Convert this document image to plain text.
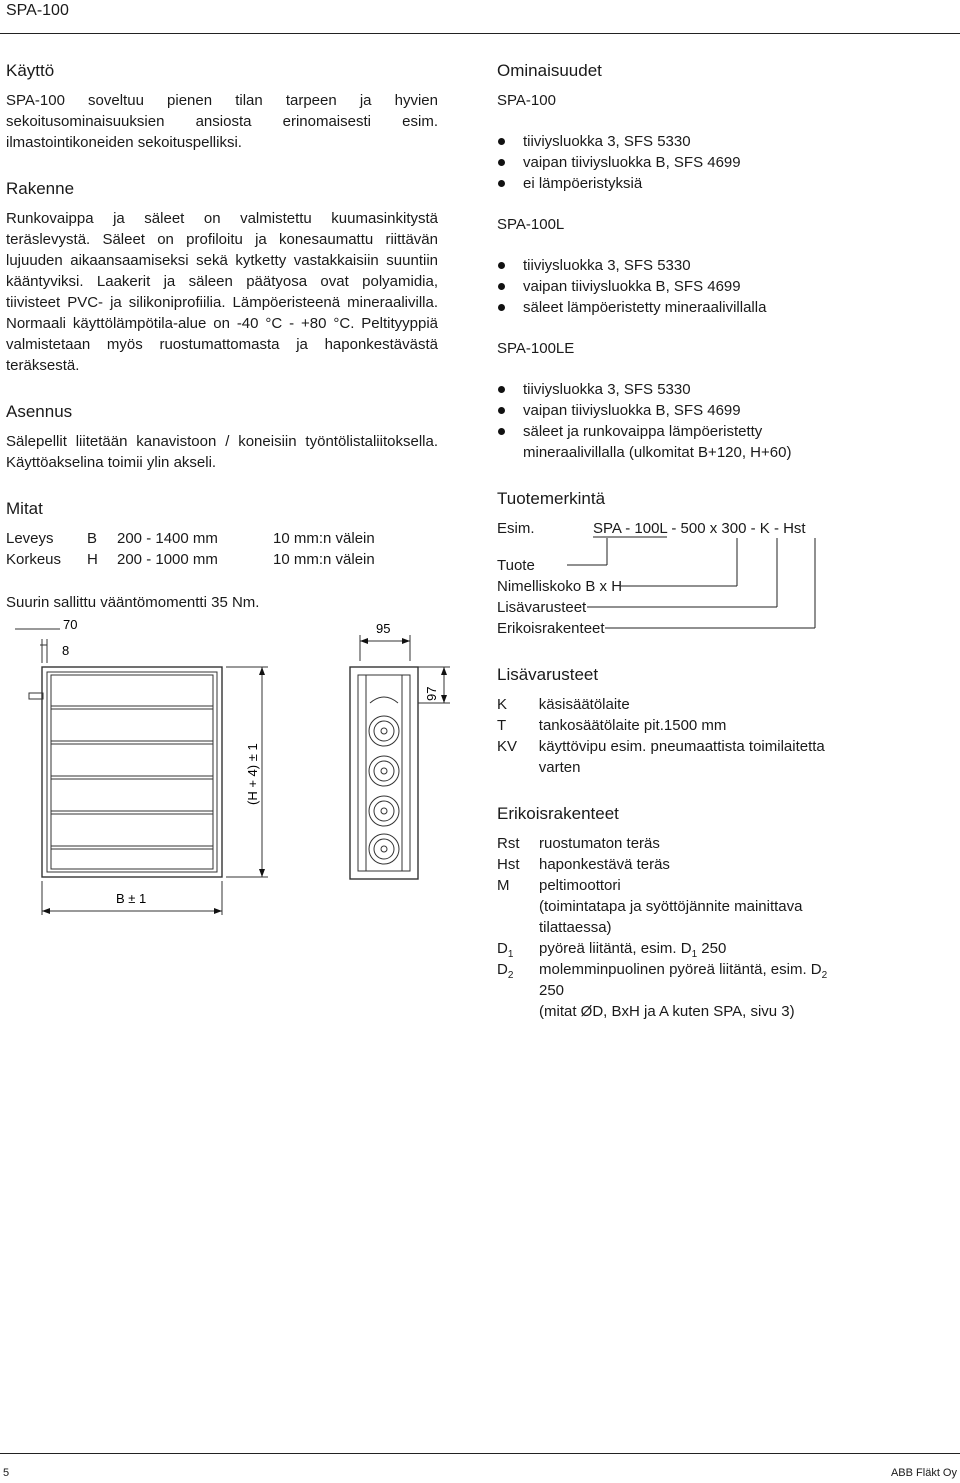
SPA-100
Käyttö

SPA-100 soveltuu pienen tilan tarpeen ja hyvien sekoitusominaisuuksien ansiosta erinomaisesti esim. ilmastointikoneiden sekoituspelliksi.

Rakenne

Runkovaippa ja säleet on valmistettu kuumasinkitystä teräslevystä. Säleet on profiloitu ja konesaumattu riittävän lujuuden aikaansaamiseksi sekä kytketty vastakkaisiin suuntiin kääntyviksi. Laakerit ja säleen päätyosa ovat polyamidia, tiivisteet PVC- ja silikoniprofiilia. Lämpöeristeenä mineraalivilla. Normaali käyttölämpötila-alue on -40 °C - +80 °C. Peltityyppiä valmistetaan myös ruostumattomasta ja haponkestävästä teräksestä.

Asennus

Sälepellit liitetään kanavistoon / koneisiin työntölistaliitoksella. Käyttöakselina toimii ylin akseli.

Mitat
Leveys	B	200 - 1400 mm	10 mm:n välein
Korkeus	H	200 - 1000 mm	10 mm:n välein

Suurin sallittu vääntömomentti 35 Nm.

70
8
95
97
(H + 4) ± 1
B ± 1
Ominaisuudet
SPA-100
tiiviysluokka 3, SFS 5330
vaipan tiiviysluokka B, SFS 4699
ei lämpöeristyksiä
SPA-100L
tiiviysluokka 3, SFS 5330
vaipan tiiviysluokka B, SFS 4699
säleet lämpöeristetty mineraalivillalla
SPA-100LE
tiiviysluokka 3, SFS 5330
vaipan tiiviysluokka B, SFS 4699
säleet ja runkovaippa lämpöeristetty mineraalivillalla (ulkomitat B+120, H+60)
Tuotemerkintä
Esim.	SPA - 100L - 500 x 300 - K - Hst
Tuote
Nimelliskoko B x H
Lisävarusteet
Erikoisrakenteet
Lisävarusteet
K	käsisäätölaite
T	tankosäätölaite pit.1500 mm
KV	käyttövipu esim. pneumaattista toimilaitetta varten
Erikoisrakenteet
Rst	ruostumaton teräs
Hst	haponkestävä teräs
M	peltimoottori
(toimintatapa ja syöttöjännite mainittava tilattaessa)

$D_1$	pyöreä liitäntä, esim. $D_1$ 250
$D_2$	molemminpuolinen pyöreä liitäntä, esim. $D_2$ 250
(mitat ØD, BxH ja A kuten SPA, sivu 3)
5	ABB Fläkt Oy
